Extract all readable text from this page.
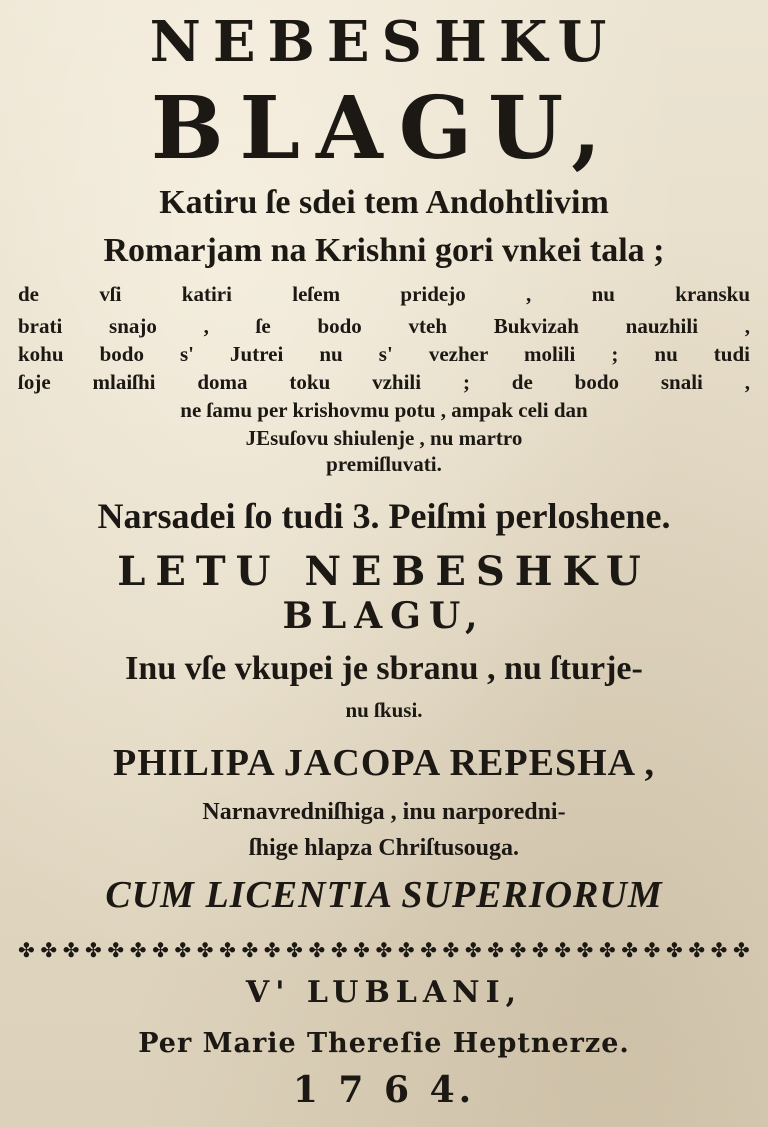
NEBESHKU
BLAGU,
Katiru ſe sdei tem Andohtlivim
Romarjam na Krishni gori vnkei tala ;
de vſi katiri leſem pridejo , nu kransku
brati snajo , ſe bodo vteh Bukvizah nauzhili ,
kohu bodo s' Jutrei nu s' vezher molili ; nu tudi
ſoje mlaiſhi doma toku vzhili ; de bodo snali ,
ne ſamu per krishovmu potu , ampak celi dan
JEsuſovu shiulenje , nu martro
premiſluvati.
Narsadei ſo tudi 3. Peiſmi perloshene.
LETU NEBESHKU
BLAGU,
Inu vſe vkupei je sbranu , nu ſturje-
nu ſkusi.
PHILIPA JACOPA REPESHA ,
Narnavredniſhiga , inu narporedni-
ſhige hlapza Chriſtusouga.
CUM LICENTIA SUPERIORUM
✤ ✤ ✤ ✤ ✤ ✤ ✤ ✤ ✤ ✤ ✤ ✤ ✤ ✤ ✤ ✤ ✤ ✤ ✤ ✤ ✤ ✤ ✤ ✤ ✤ ✤ ✤ ✤ ✤ ✤ ✤ ✤ ✤
V' LUBLANI,
Per Marie Thereſie Heptnerze.
1 7 6 4.
